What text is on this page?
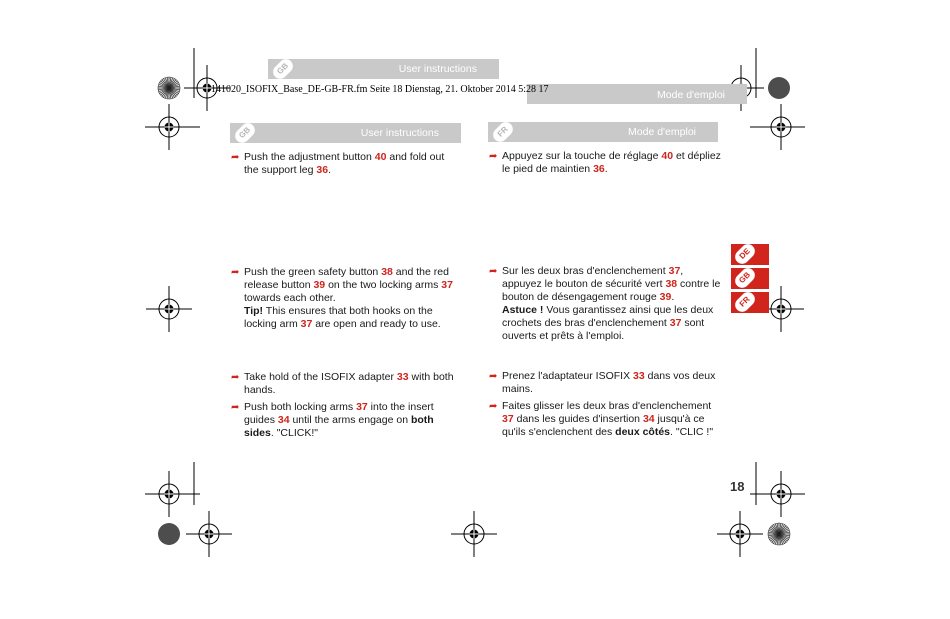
GB	User instructions
Mode d'emploi
141020_ISOFIX_Base_DE-GB-FR.fm Seite 18 Dienstag, 21. Oktober 2014 5:28 17
GB	User instructions	FR	Mode d'emploi
➦ Push the adjustment button 40 and fold out the support leg 36.

➦ Push the green safety button 38 and the red release button 39 on the two locking arms 37 towards each other.

Tip! This ensures that both hooks on the locking arm 37 are open and ready to use.

➦ Take hold of the ISOFIX adapter 33 with both hands.

➦ Push both locking arms 37 into the insert guides 34 until the arms engage on both sides. "CLICK!"

➦ Appuyez sur la touche de réglage 40 et dépliez le pied de maintien 36.

➦ Sur les deux bras d'enclenchement 37, appuyez le bouton de sécurité vert 38 contre le bouton de désengagement rouge 39.

Astuce ! Vous garantissez ainsi que les deux crochets des bras d'enclenchement 37 sont ouverts et prêts à l'emploi.

➦ Prenez l'adaptateur ISOFIX 33 dans vos deux mains.

➦ Faites glisser les deux bras d'enclenchement 37 dans les guides d'insertion 34 jusqu'à ce qu'ils s'enclenchent des deux côtés. "CLIC !"

DE
GB
FR
18
